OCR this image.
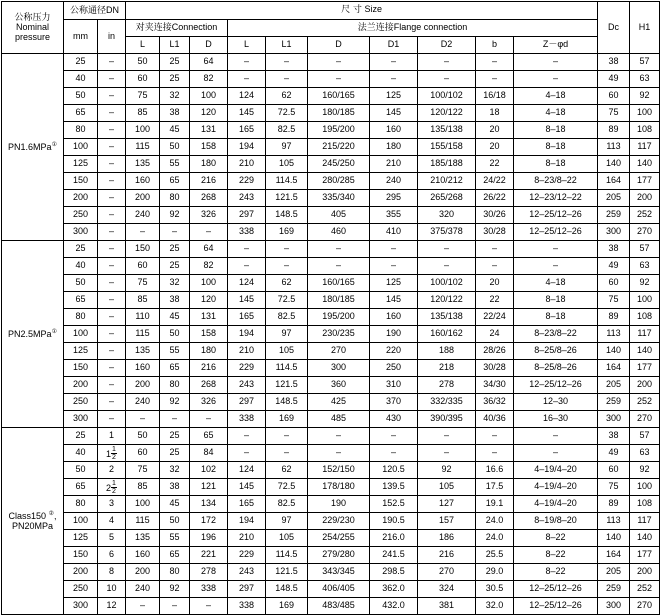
公称压力
Nominal
pressure	公称通径DN		尺 寸 Size										Dc	H1
	mm	in	对夹连接Connection			法兰连接Flange connection								
			L	L1	D	L	L1	D	D1	D2	b	Z－φd		
PN1.6MPa①	25	–	50	25	64	–	–	–	–	–	–	–	38	57
	40	–	60	25	82	–	–	–	–	–	–	–	49	63
	50	–	75	32	100	124	62	160/165	125	100/102	16/18	4–18	60	92
	65	–	85	38	120	145	72.5	180/185	145	120/122	18	4–18	75	100
	80	–	100	45	131	165	82.5	195/200	160	135/138	20	8–18	89	108
	100	–	115	50	158	194	97	215/220	180	155/158	20	8–18	113	117
	125	–	135	55	180	210	105	245/250	210	185/188	22	8–18	140	140
	150	–	160	65	216	229	114.5	280/285	240	210/212	24/22	8–23/8–22	164	177
	200	–	200	80	268	243	121.5	335/340	295	265/268	26/22	12–23/12–22	205	200
	250	–	240	92	326	297	148.5	405	355	320	30/26	12–25/12–26	259	252
	300	–	–	–	–	338	169	460	410	375/378	30/28	12–25/12–26	300	270
PN2.5MPa①	25	–	150	25	64	–	–	–	–	–	–	–	38	57
	40	–	60	25	82	–	–	–	–	–	–	–	49	63
	50	–	75	32	100	124	62	160/165	125	100/102	20	4–18	60	92
	65	–	85	38	120	145	72.5	180/185	145	120/122	22	8–18	75	100
	80	–	110	45	131	165	82.5	195/200	160	135/138	22/24	8–18	89	108
	100	–	115	50	158	194	97	230/235	190	160/162	24	8–23/8–22	113	117
	125	–	135	55	180	210	105	270	220	188	28/26	8–25/8–26	140	140
	150	–	160	65	216	229	114.5	300	250	218	30/28	8–25/8–26	164	177
	200	–	200	80	268	243	121.5	360	310	278	34/30	12–25/12–26	205	200
	250	–	240	92	326	297	148.5	425	370	332/335	36/32	12–30	259	252
	300	–	–	–	–	338	169	485	430	390/395	40/36	16–30	300	270
Class150 ②,
PN20MPa	25	1	50	25	65	–	–	–	–	–	–	–	38	57
	40	$1 \frac{1}{2}$	60	25	84	–	–	–	–	–	–	–	49	63
	50	2	75	32	102	124	62	152/150	120.5	92	16.6	4–19/4–20	60	92
	65	$2 \frac{1}{2}$	85	38	121	145	72.5	178/180	139.5	105	17.5	4–19/4–20	75	100
	80	3	100	45	134	165	82.5	190	152.5	127	19.1	4–19/4–20	89	108
	100	4	115	50	172	194	97	229/230	190.5	157	24.0	8–19/8–20	113	117
	125	5	135	55	196	210	105	254/255	216.0	186	24.0	8–22	140	140
	150	6	160	65	221	229	114.5	279/280	241.5	216	25.5	8–22	164	177
	200	8	200	80	278	243	121.5	343/345	298.5	270	29.0	8–22	205	200
	250	10	240	92	338	297	148.5	406/405	362.0	324	30.5	12–25/12–26	259	252
	300	12	–	–	–	338	169	483/485	432.0	381	32.0	12–25/12–26	300	270
